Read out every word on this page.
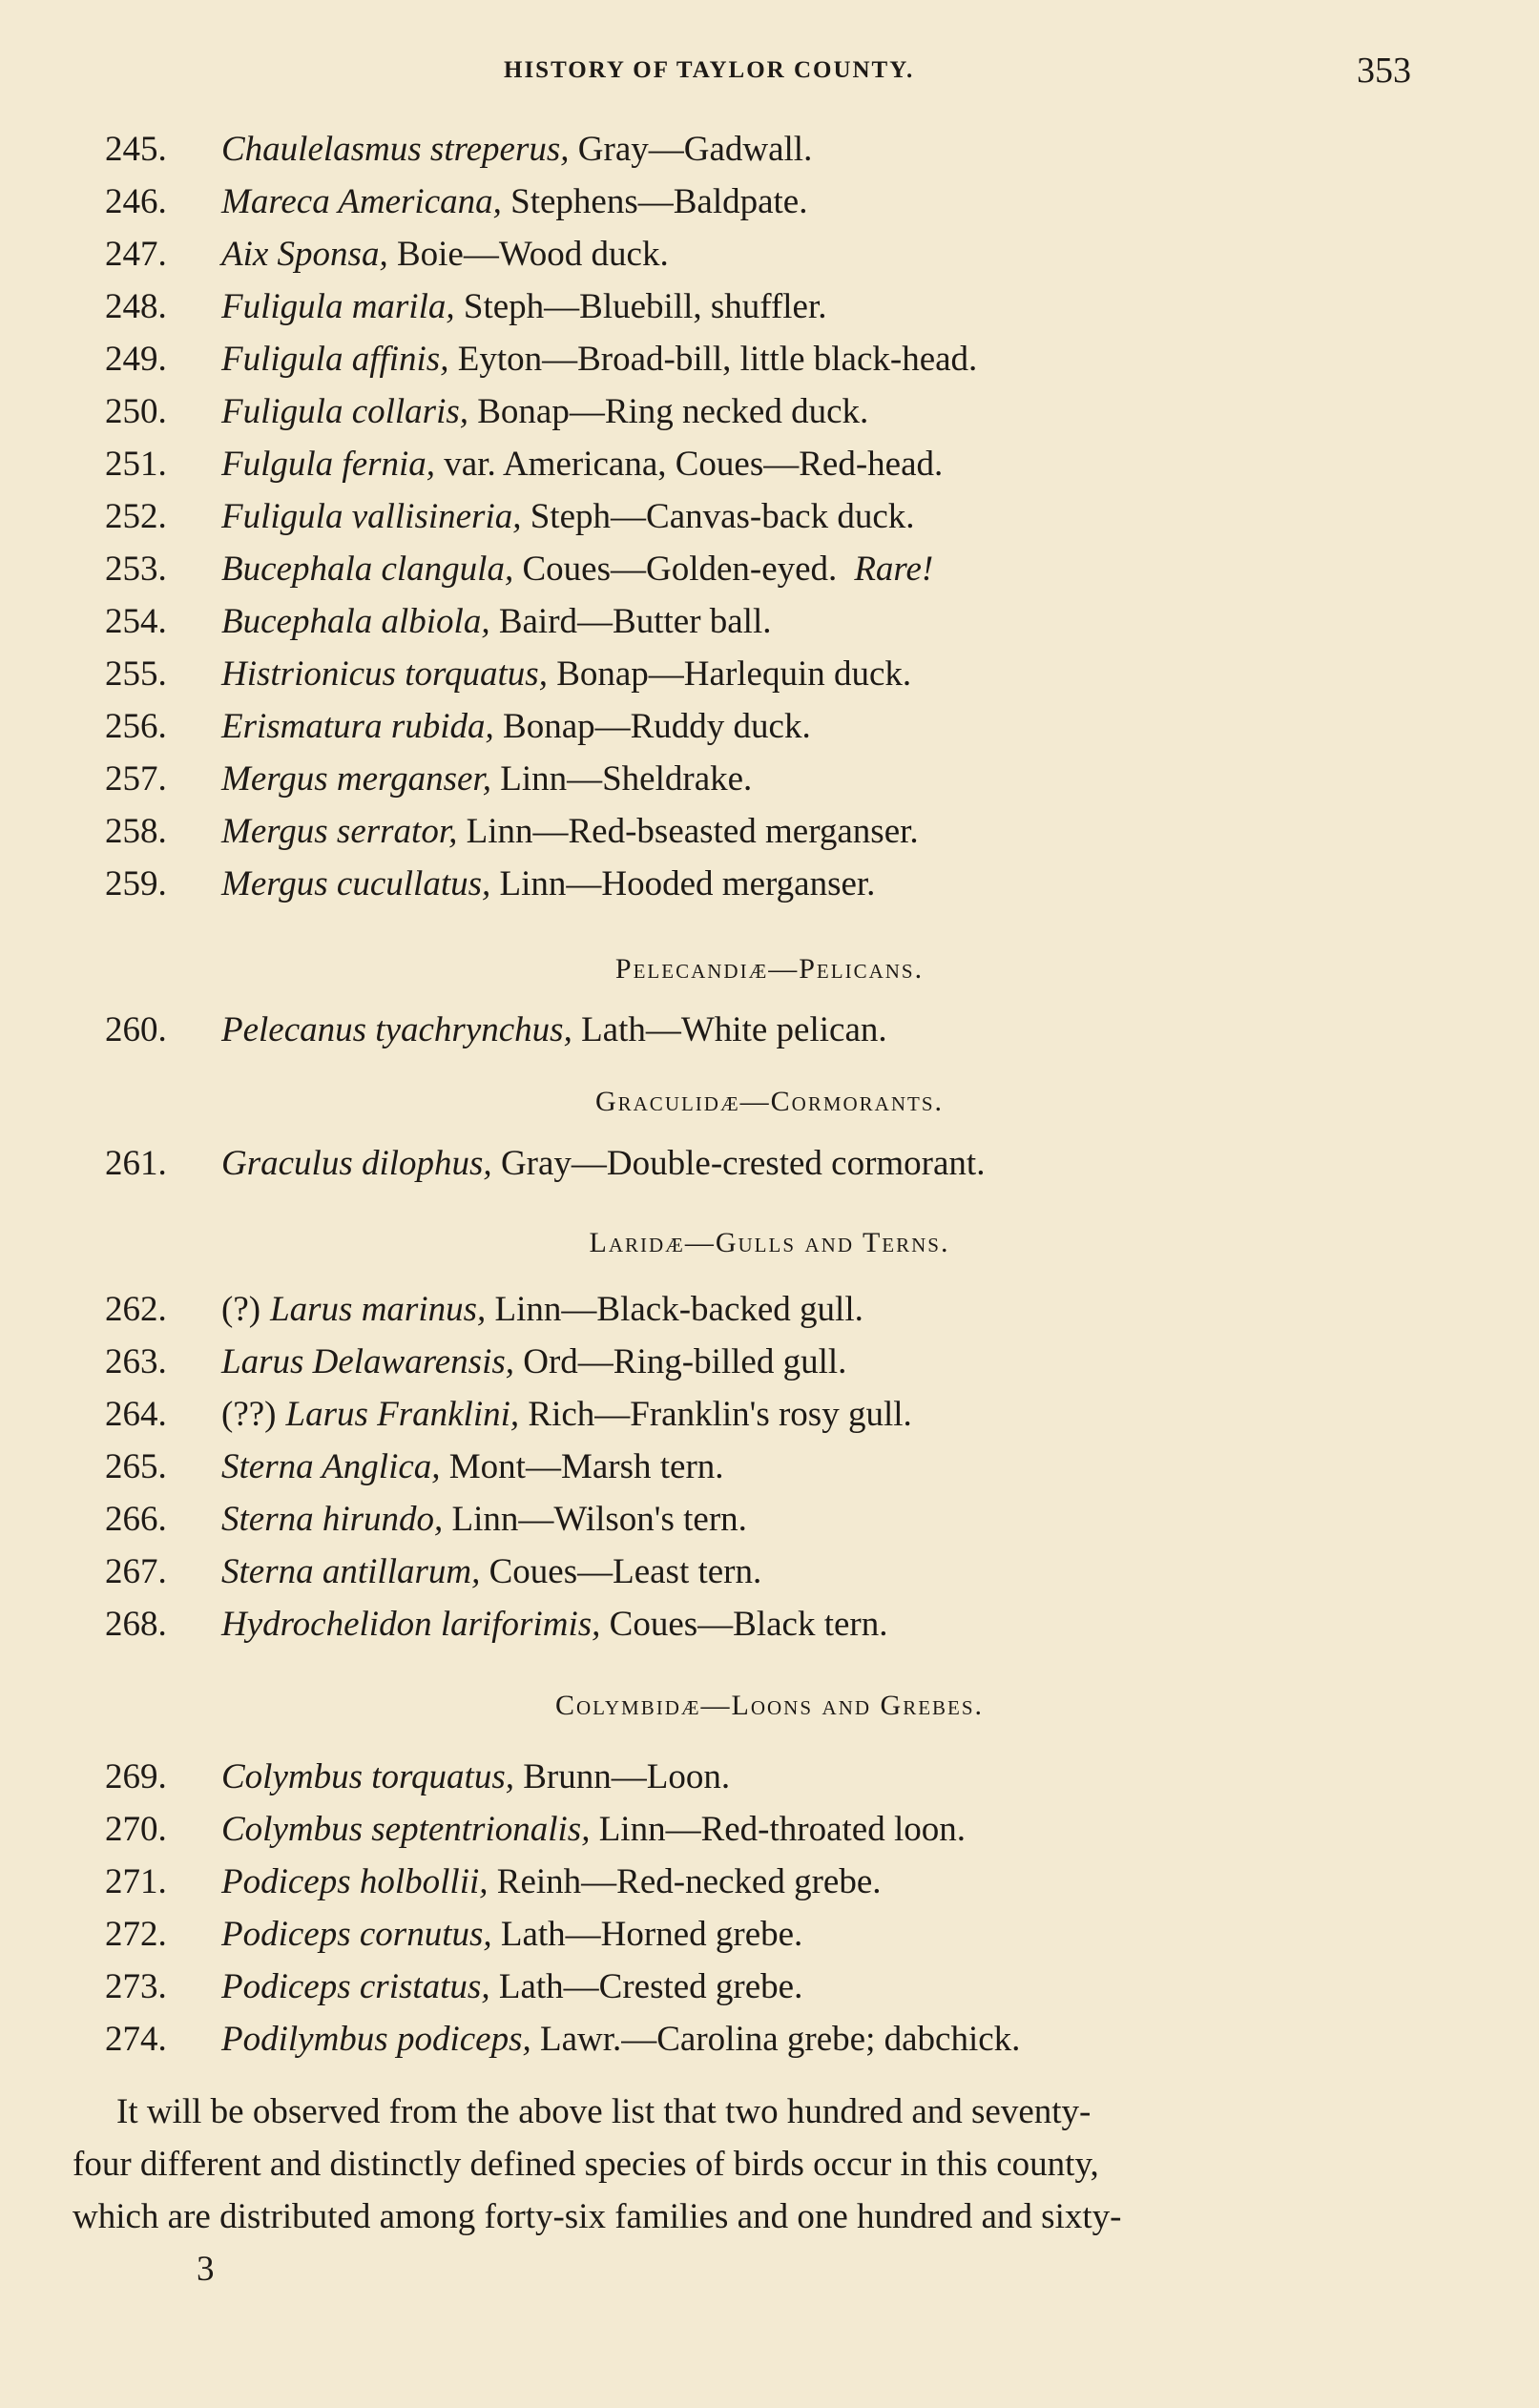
HISTORY OF TAYLOR COUNTY.	353
245. Chaulelasmus streperus, Gray—Gadwall.
246. Mareca Americana, Stephens—Baldpate.
247. Aix Sponsa, Boie—Wood duck.
248. Fuligula marila, Steph—Bluebill, shuffler.
249. Fuligula affinis, Eyton—Broad-bill, little black-head.
250. Fuligula collaris, Bonap—Ring necked duck.
251. Fulgula fernia, var. Americana, Coues—Red-head.
252. Fuligula vallisineria, Steph—Canvas-back duck.
253. Bucephala clangula, Coues—Golden-eyed. Rare!
254. Bucephala albiola, Baird—Butter ball.
255. Histrionicus torquatus, Bonap—Harlequin duck.
256. Erismatura rubida, Bonap—Ruddy duck.
257. Mergus merganser, Linn—Sheldrake.
258. Mergus serrator, Linn—Red-bseasted merganser.
259. Mergus cucullatus, Linn—Hooded merganser.
Pelecandiæ—Pelicans.
260. Pelecanus tyachrynchus, Lath—White pelican.
Graculidæ—Cormorants.
261. Graculus dilophus, Gray—Double-crested cormorant.
Laridæ—Gulls and Terns.
262. (?) Larus marinus, Linn—Black-backed gull.
263. Larus Delawarensis, Ord—Ring-billed gull.
264. (??) Larus Franklini, Rich—Franklin's rosy gull.
265. Sterna Anglica, Mont—Marsh tern.
266. Sterna hirundo, Linn—Wilson's tern.
267. Sterna antillarum, Coues—Least tern.
268. Hydrochelidon lariforimis, Coues—Black tern.
Colymbidæ—Loons and Grebes.
269. Colymbus torquatus, Brunn—Loon.
270. Colymbus septentrionalis, Linn—Red-throated loon.
271. Podiceps holbollii, Reinh—Red-necked grebe.
272. Podiceps cornutus, Lath—Horned grebe.
273. Podiceps cristatus, Lath—Crested grebe.
274. Podilymbus podiceps, Lawr.—Carolina grebe; dabchick.

It will be observed from the above list that two hundred and seventy-

four different and distinctly defined species of birds occur in this county,

which are distributed among forty-six families and one hundred and sixty-

3
